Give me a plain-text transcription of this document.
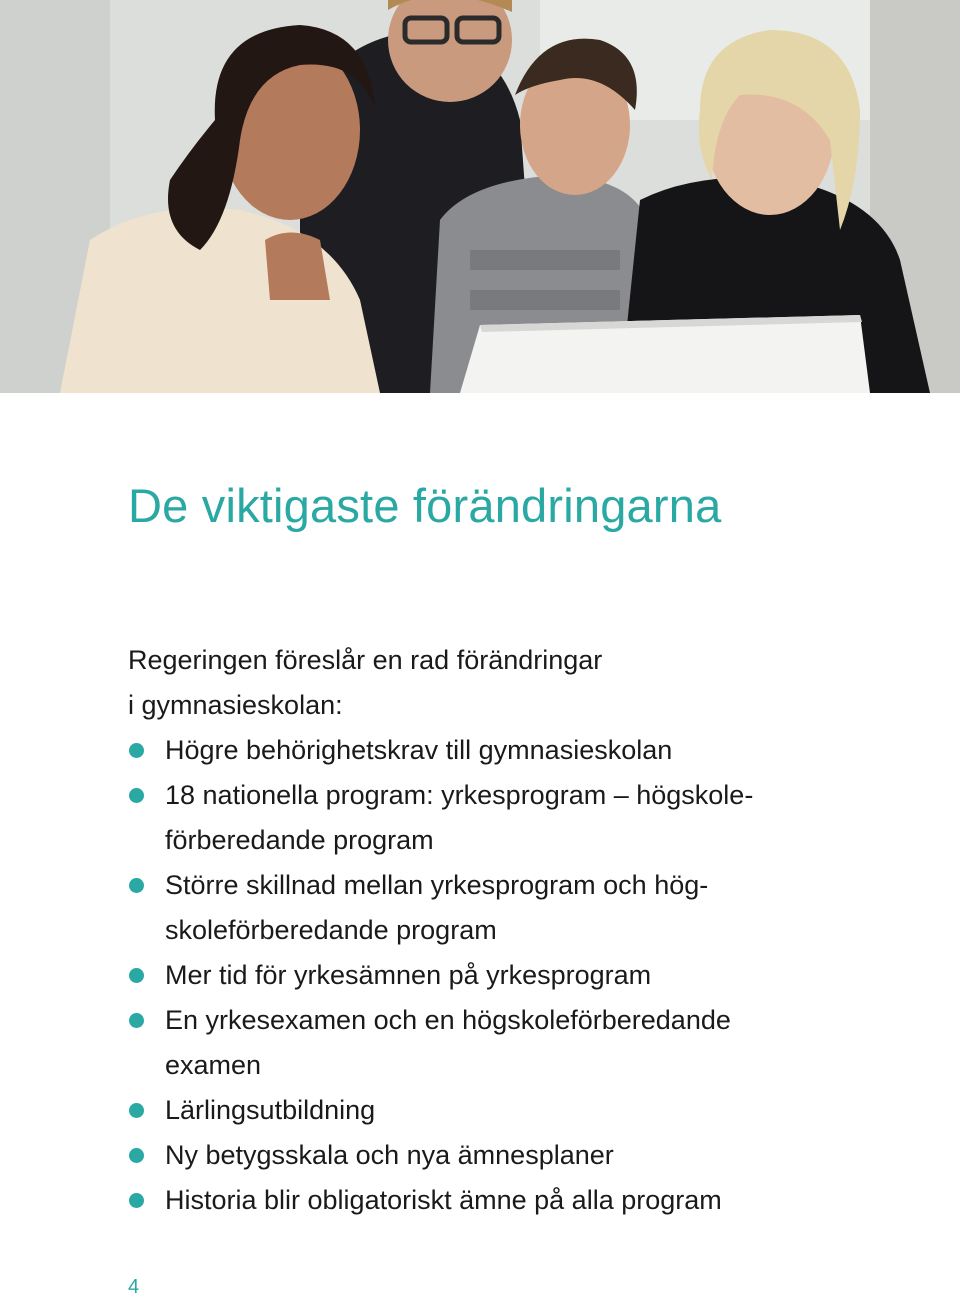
De viktigaste förändringarna
Regeringen föreslår en rad förändringar
i gymnasieskolan:
Högre behörighetskrav till gymnasieskolan
18 nationella program: yrkesprogram – högskole-
förberedande program
Större skillnad mellan yrkesprogram och hög-
skoleförberedande program
Mer tid för yrkesämnen på yrkesprogram
En yrkesexamen och en högskoleförberedande
examen
Lärlingsutbildning
Ny betygsskala och nya ämnesplaner
Historia blir obligatoriskt ämne på alla program
4
